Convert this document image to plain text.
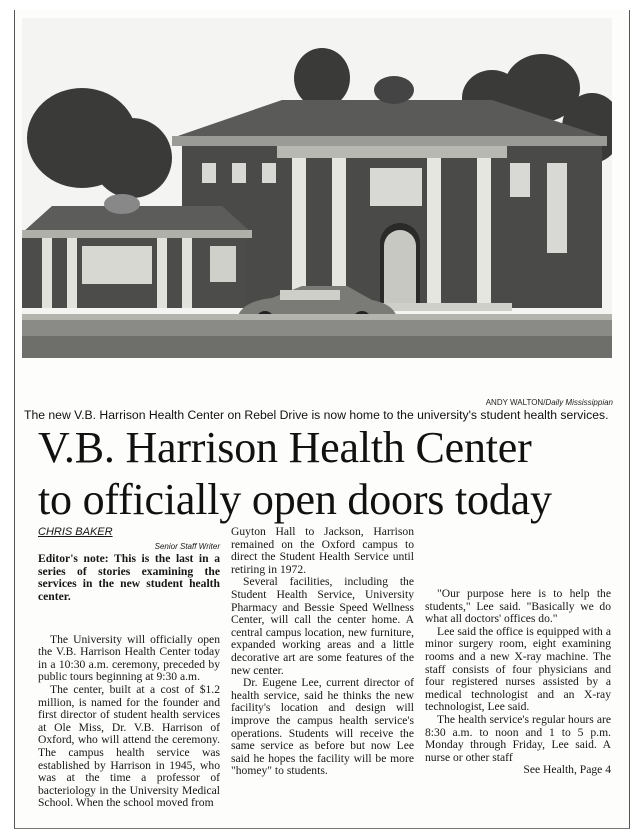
ANDY WALTON/Daily Mississippian
The new V.B. Harrison Health Center on Rebel Drive is now home to the university's student health services.
V.B. Harrison Health Center
to officially open doors today
CHRIS BAKER
Senior Staff Writer

Editor's note: This is the last in a series of stories examining the services in the new student health center.

The University will officially open the V.B. Harrison Health Center today in a 10:30 a.m. ceremony, preceded by public tours beginning at 9:30 a.m.

The center, built at a cost of $1.2 million, is named for the founder and first director of student health services at Ole Miss, Dr. V.B. Harrison of Oxford, who will attend the ceremony. The campus health service was established by Harrison in 1945, who was at the time a professor of bacteriology in the University Medical School. When the school moved from

Guyton Hall to Jackson, Harrison remained on the Oxford campus to direct the Student Health Service until retiring in 1972.

Several facilities, including the Student Health Service, University Pharmacy and Bessie Speed Wellness Center, will call the center home. A central campus location, new furniture, expanded working areas and a little decorative art are some features of the new center.

Dr. Eugene Lee, current director of health service, said he thinks the new facility's location and design will improve the campus health service's operations. Students will receive the same service as before but now Lee said he hopes the facility will be more "homey" to students.

"Our purpose here is to help the students," Lee said. "Basically we do what all doctors' offices do."

Lee said the office is equipped with a minor surgery room, eight examining rooms and a new X-ray machine. The staff consists of four physicians and four registered nurses assisted by a medical technologist and an X-ray technologist, Lee said.

The health service's regular hours are 8:30 a.m. to noon and 1 to 5 p.m. Monday through Friday, Lee said. A nurse or other staff

See Health, Page 4
